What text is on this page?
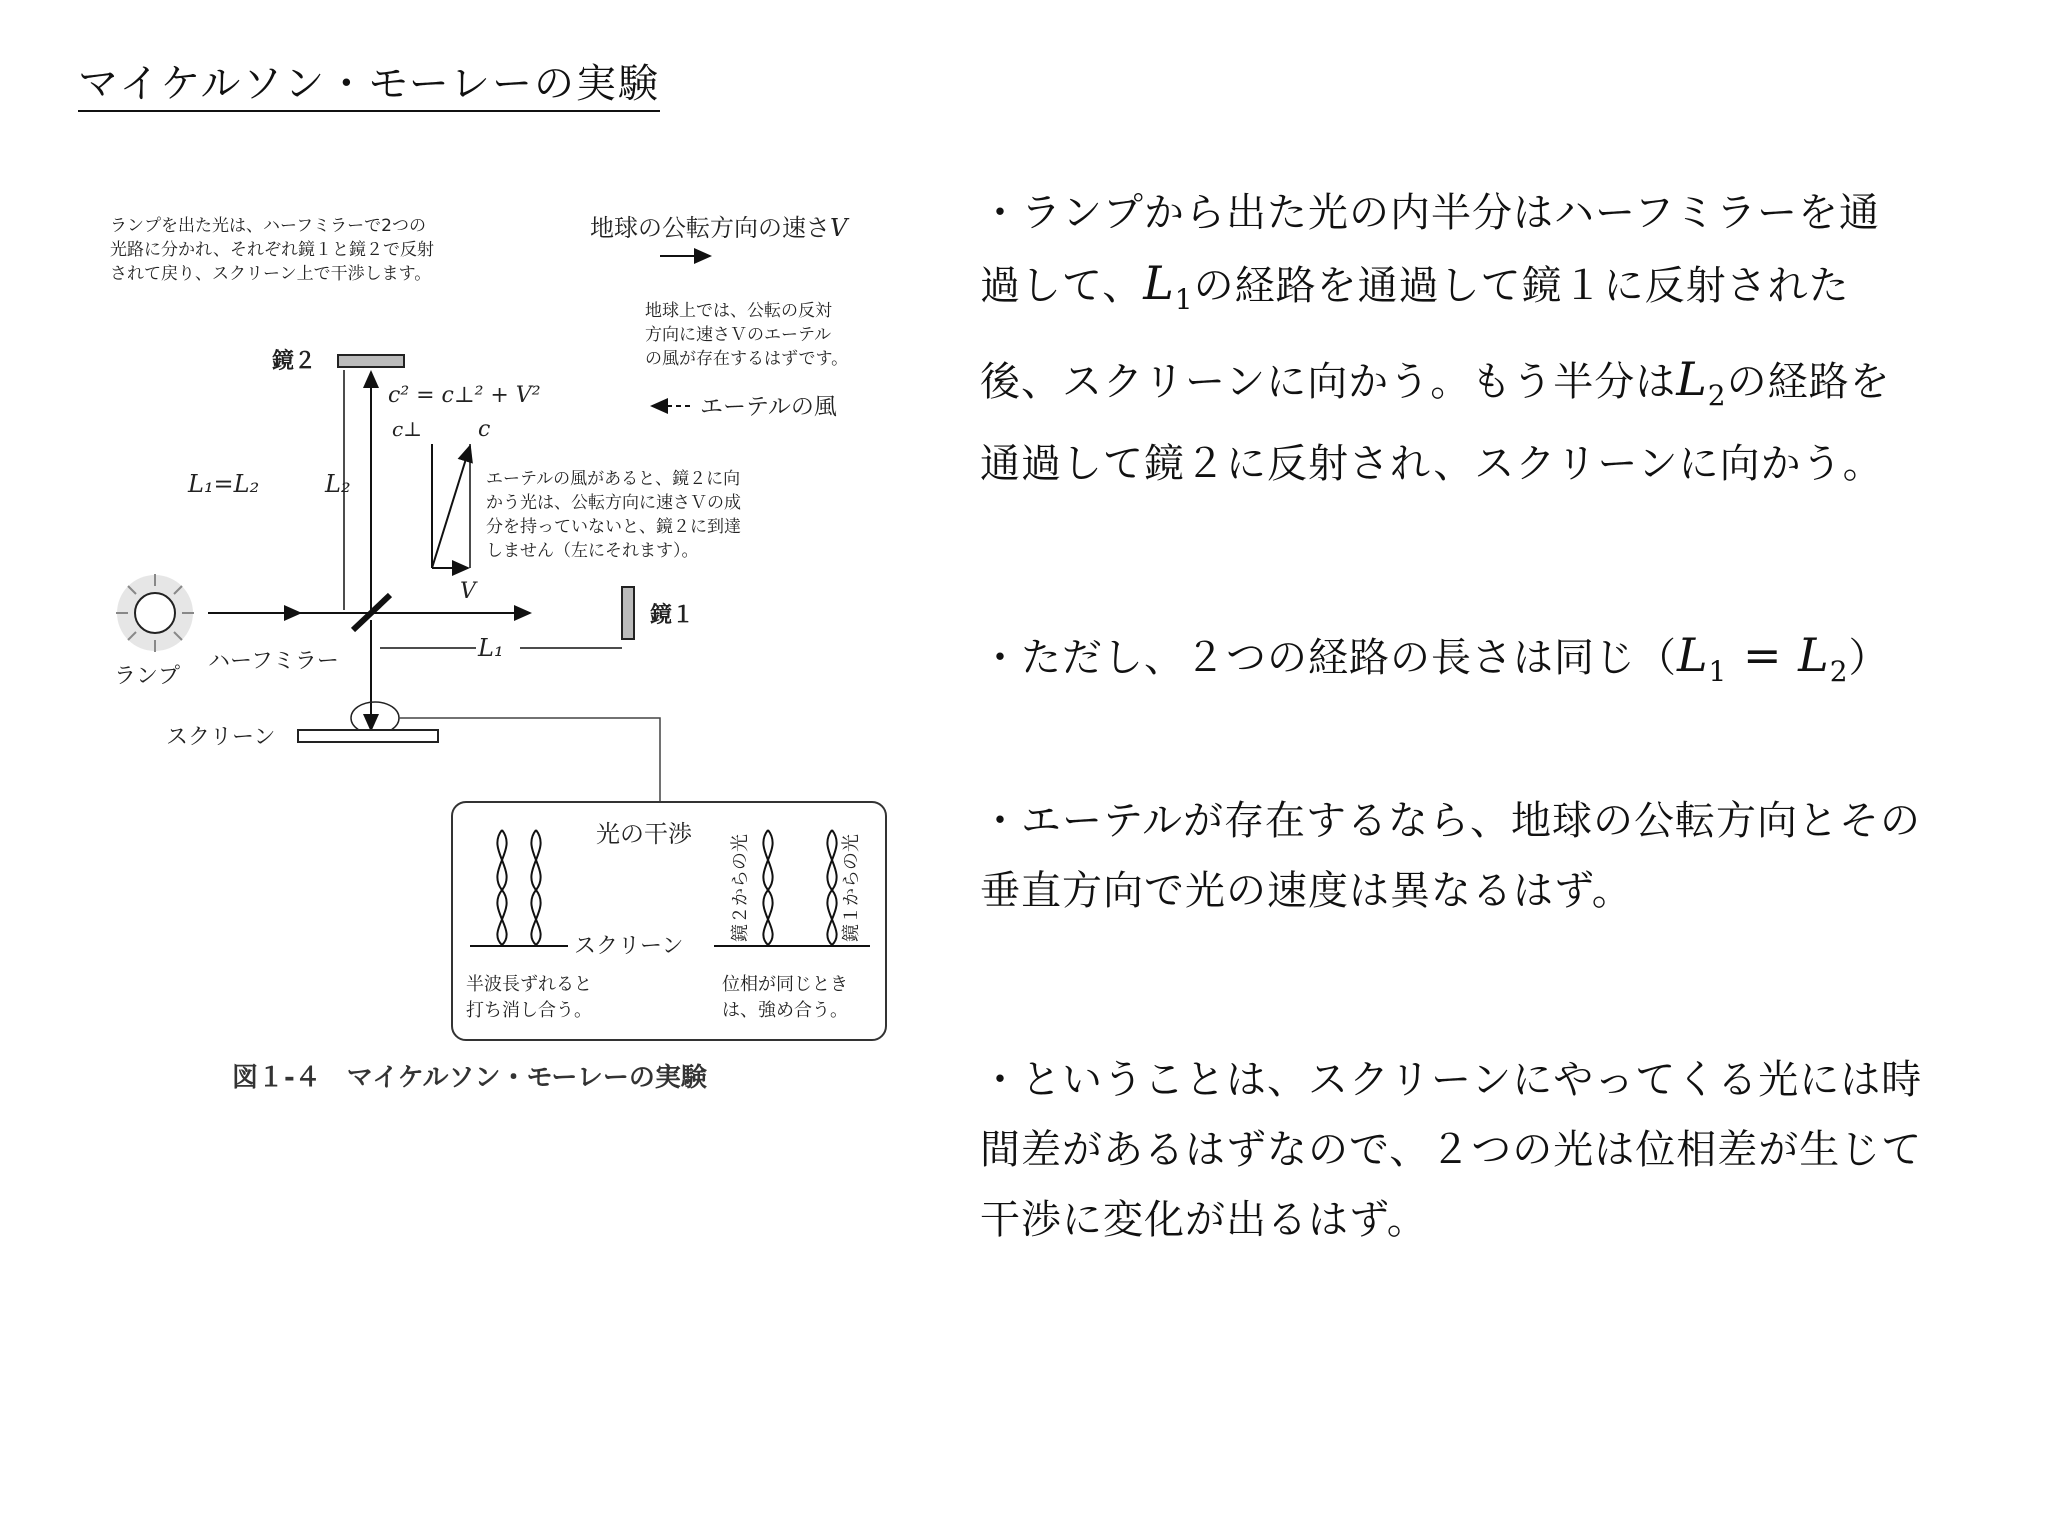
マイケルソン・モーレーの実験
ランプを出た光は、ハーフミラーで2つの
光路に分かれ、それぞれ鏡１と鏡２で反射
されて戻り、スクリーン上で干渉します。
地球の公転方向の速さV
地球上では、公転の反対
方向に速さＶのエーテル
の風が存在するはずです。
エーテルの風
鏡２
L₂
L₁=L₂
c² = c⊥² + V²
c⊥	c
V
エーテルの風があると、鏡２に向
かう光は、公転方向に速さＶの成
分を持っていないと、鏡２に到達
しません（左にそれます）。
ランプ
ハーフミラー
鏡１
L₁
スクリーン
光の干渉
スクリーン
鏡２からの光	鏡１からの光
半波長ずれると
打ち消し合う。
位相が同じとき
は、強め合う。
図１-４　マイケルソン・モーレーの実験
・ランプから出た光の内半分はハーフミラーを通
過して、$L_1$の経路を通過して鏡１に反射された
後、スクリーンに向かう。もう半分は$L_2$の経路を
通過して鏡２に反射され、スクリーンに向かう。
・ただし、２つの経路の長さは同じ$(L_1 = L_2)$
・エーテルが存在するなら、地球の公転方向とその
垂直方向で光の速度は異なるはず。
・ということは、スクリーンにやってくる光には時
間差があるはずなので、２つの光は位相差が生じて
干渉に変化が出るはず。
